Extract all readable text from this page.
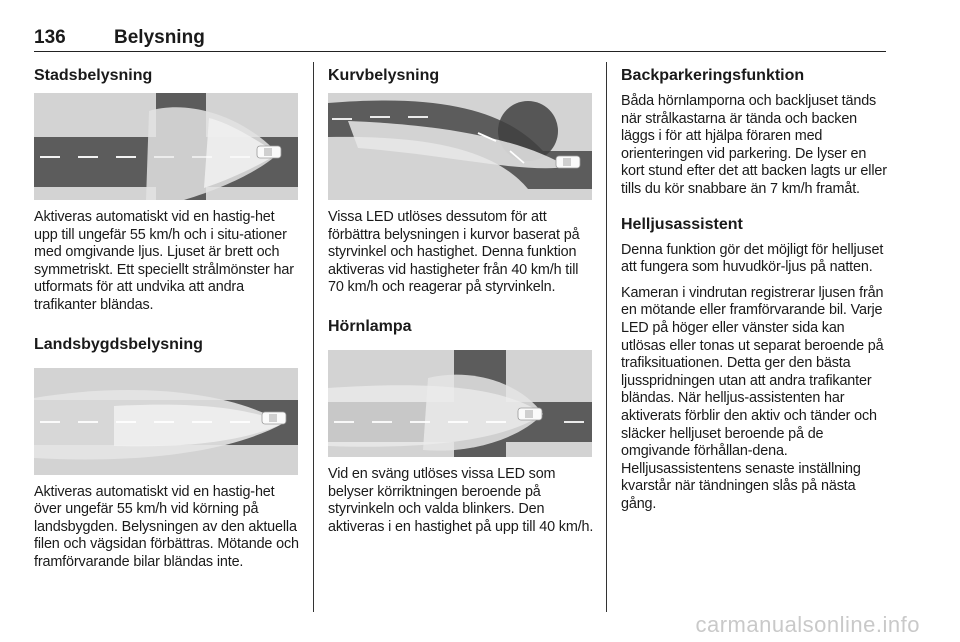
136	Belysning
Stadsbelysning

Aktiveras automatiskt vid en hastig-het upp till ungefär 55 km/h och i situ-ationer med omgivande ljus. Ljuset är brett och symmetriskt. Ett speciellt strålmönster har utformats för att undvika att andra trafikanter bländas.

Landsbygdsbelysning

Aktiveras automatiskt vid en hastig-het över ungefär 55 km/h vid körning på landsbygden. Belysningen av den aktuella filen och vägsidan förbättras. Mötande och framförvarande bilar bländas inte.

Kurvbelysning

Vissa LED utlöses dessutom för att förbättra belysningen i kurvor baserat på styrvinkel och hastighet. Denna funktion aktiveras vid hastigheter från 40 km/h till 70 km/h och reagerar på styrvinkeln.

Hörnlampa

Vid en sväng utlöses vissa LED som belyser körriktningen beroende på styrvinkeln och valda blinkers. Den aktiveras i en hastighet på upp till 40 km/h.

Backparkeringsfunktion

Båda hörnlamporna och backljuset tänds när strålkastarna är tända och backen läggs i för att hjälpa föraren med orienteringen vid parkering. De lyser en kort stund efter det att backen lagts ur eller tills du kör snabbare än 7 km/h framåt.

Helljusassistent

Denna funktion gör det möjligt för helljuset att fungera som huvudkör-ljus på natten.

Kameran i vindrutan registrerar ljusen från en mötande eller framförvarande bil. Varje LED på höger eller vänster sida kan utlösas eller tonas ut separat beroende på trafiksituationen. Detta ger den bästa ljusspridningen utan att andra trafikanter bländas. När helljus-assistenten har aktiverats förblir den aktiv och tänder och släcker helljuset beroende på de omgivande förhållan-dena. Helljusassistentens senaste inställning kvarstår när tändningen slås på nästa gång.

carmanualsonline.info
